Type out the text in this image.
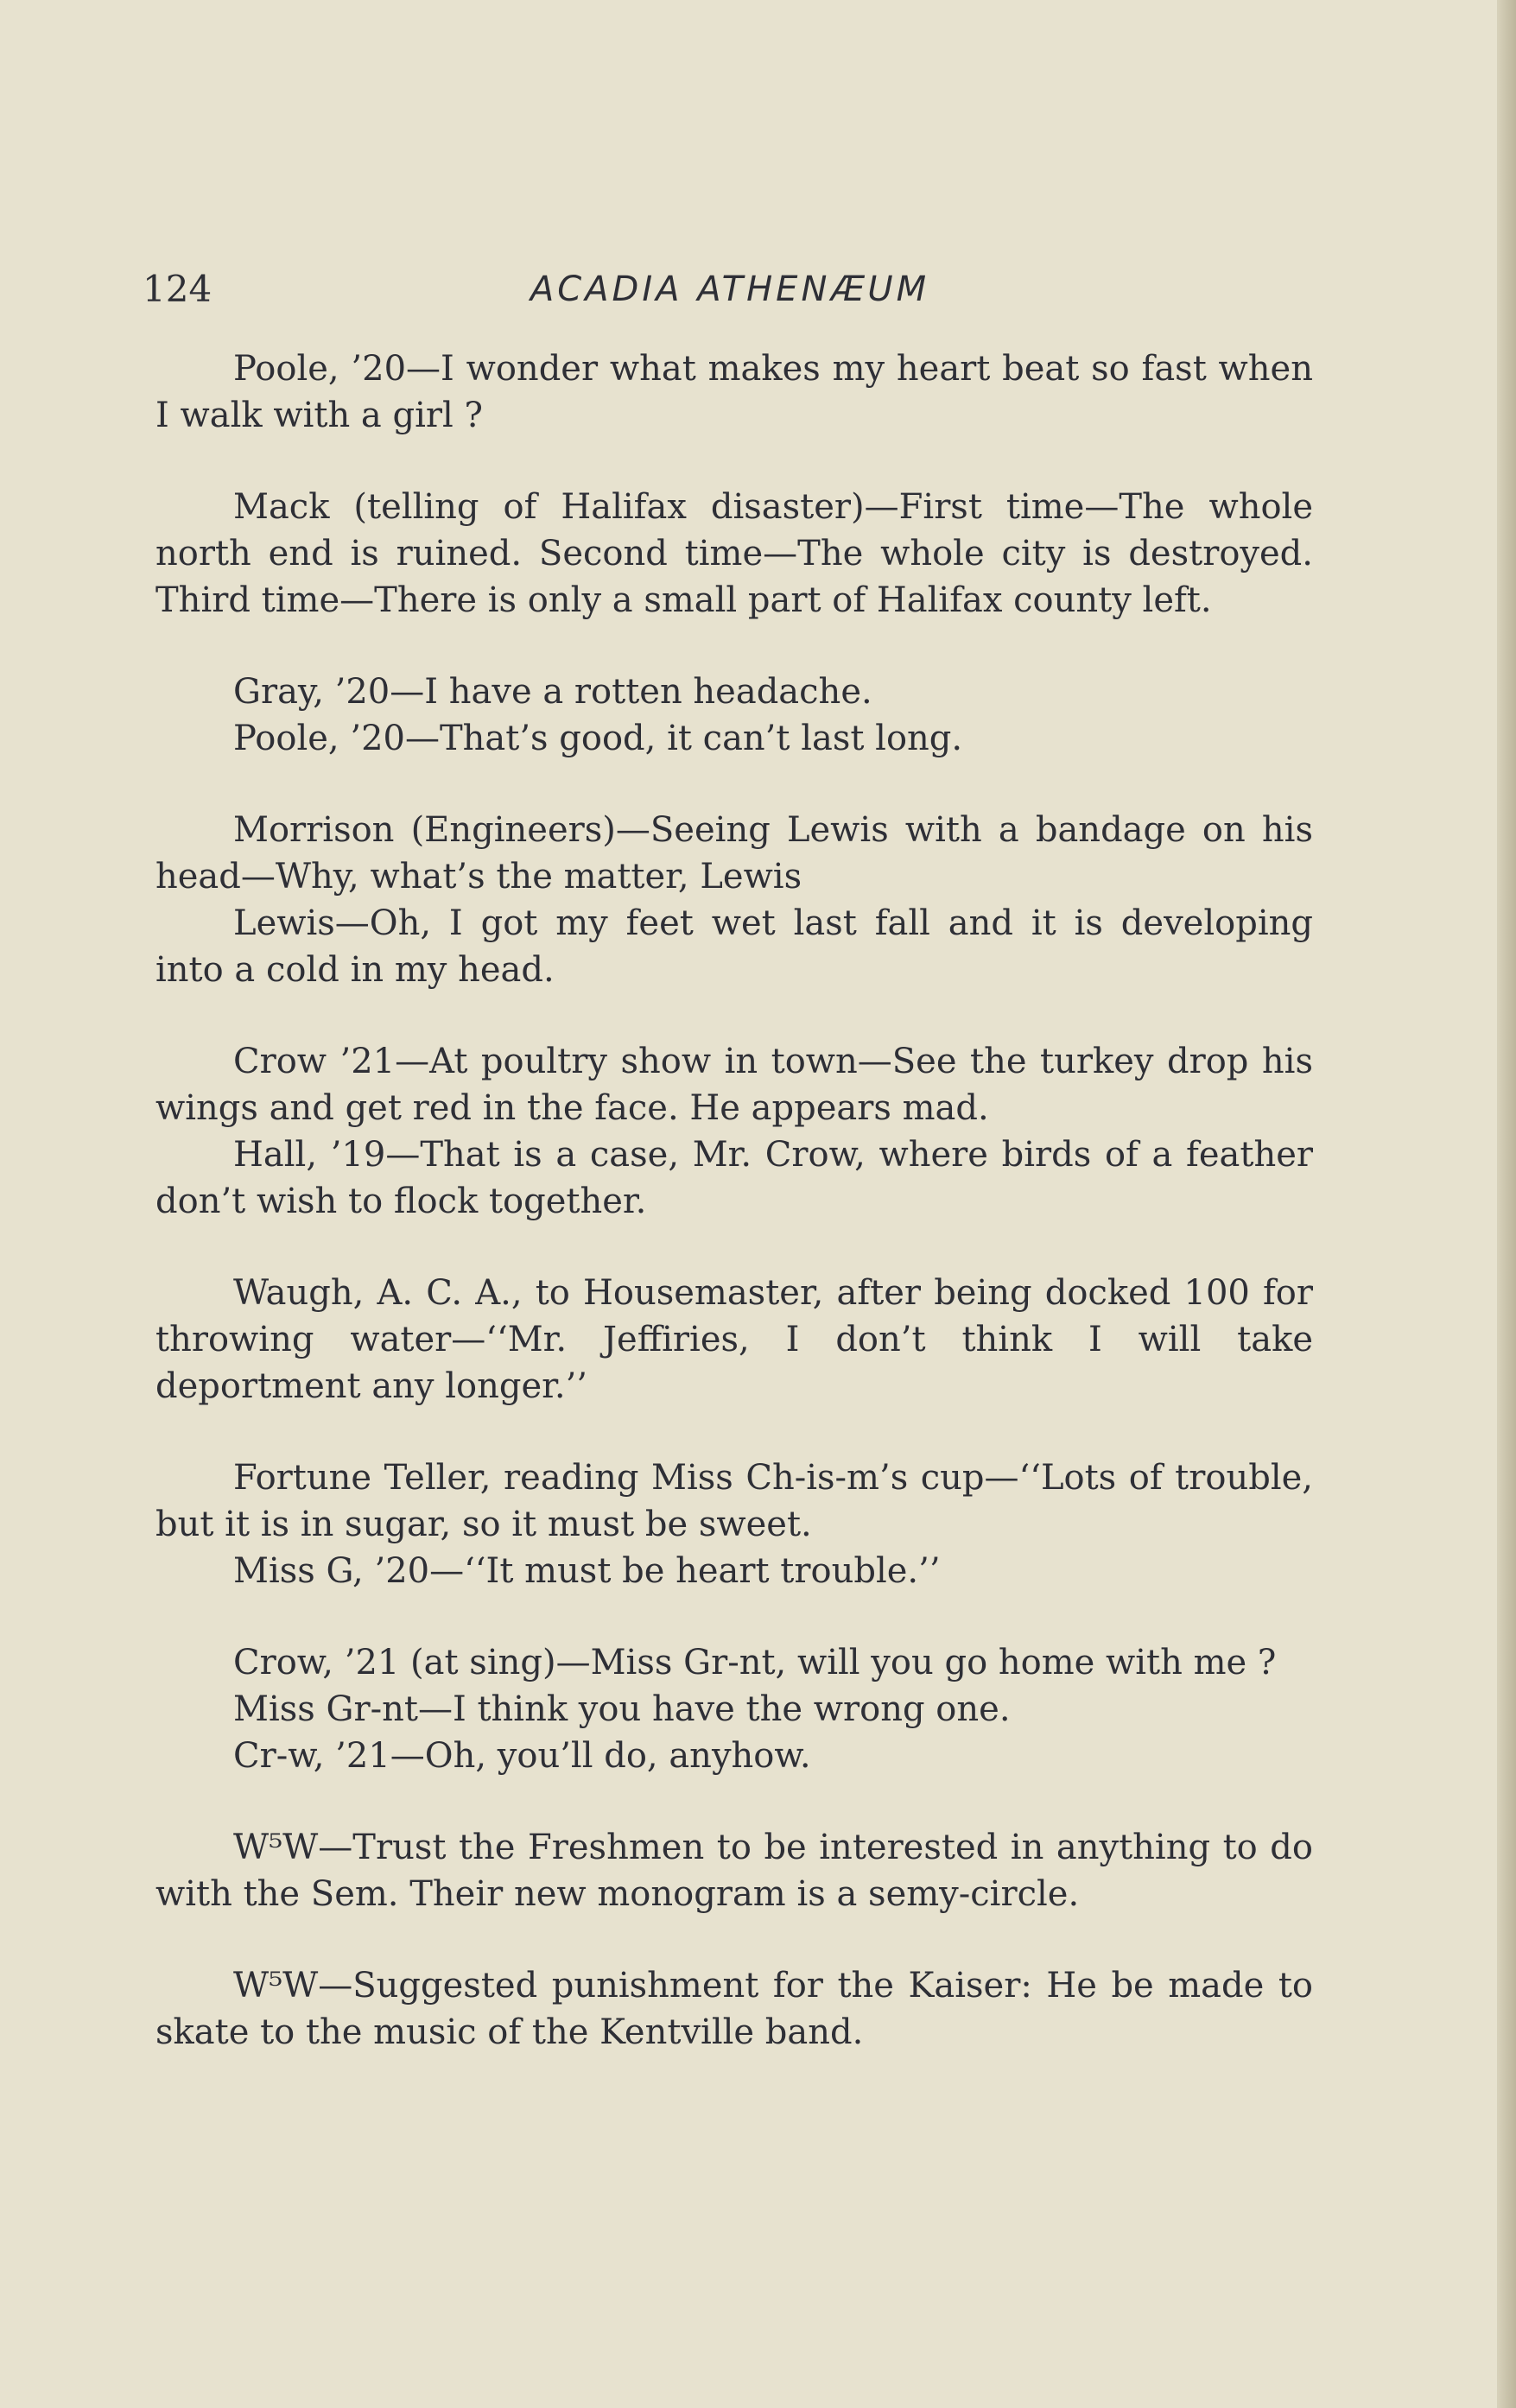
124	ACADIA ATHENÆUM

Poole, ’20—I wonder what makes my heart beat so fast when I walk with a girl ?

Mack (telling of Halifax disaster)—First time—The whole north end is ruined. Second time—The whole city is destroyed. Third time—There is only a small part of Halifax county left.

Gray, ’20—I have a rotten headache.

Poole, ’20—That’s good, it can’t last long.

Morrison (Engineers)—Seeing Lewis with a bandage on his head—Why, what’s the matter, Lewis

Lewis—Oh, I got my feet wet last fall and it is developing into a cold in my head.

Crow ’21—At poultry show in town—See the turkey drop his wings and get red in the face. He appears mad.

Hall, ’19—That is a case, Mr. Crow, where birds of a feather don’t wish to flock together.

Waugh, A. C. A., to Housemaster, after being docked 100 for throwing water—‘‘Mr. Jeffiries, I don’t think I will take deportment any longer.’’

Fortune Teller, reading Miss Ch-is-m’s cup—‘‘Lots of trouble, but it is in sugar, so it must be sweet.

Miss G, ’20—‘‘It must be heart trouble.’’

Crow, ’21 (at sing)—Miss Gr-nt, will you go home with me ?

Miss Gr-nt—I think you have the wrong one.

Cr-w, ’21—Oh, you’ll do, anyhow.

W⁵W—Trust the Freshmen to be interested in anything to do with the Sem. Their new monogram is a semy-circle.

W⁵W—Suggested punishment for the Kaiser: He be made to skate to the music of the Kentville band.
